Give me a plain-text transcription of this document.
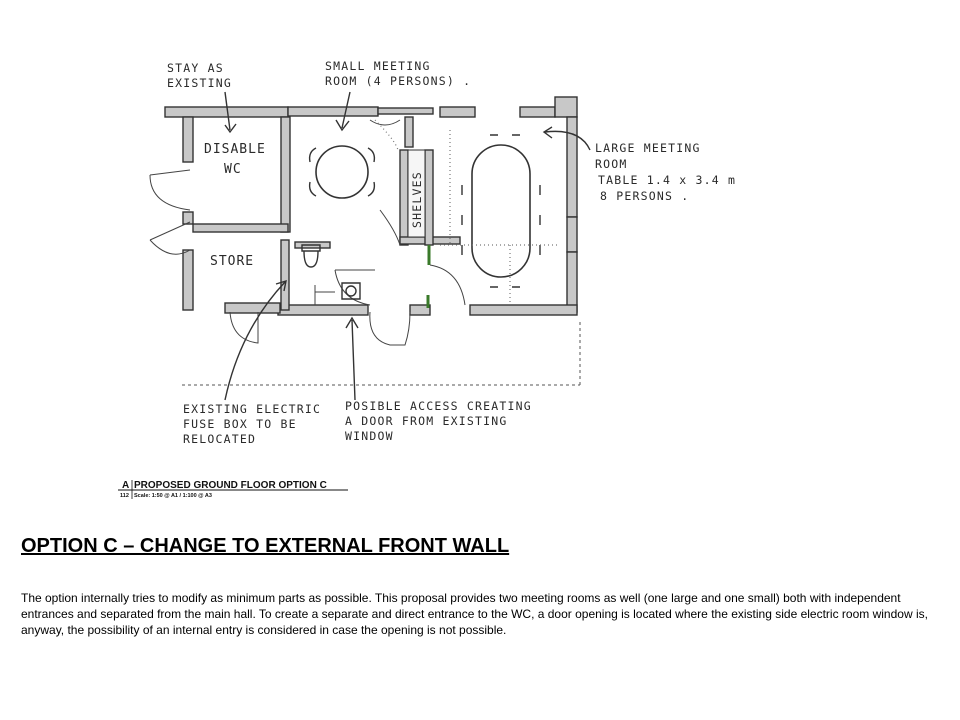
SHELVES
DISABLE
WC
STORE
STAY AS
EXISTING
SMALL MEETING
ROOM (4 PERSONS) .
LARGE MEETING
ROOM
TABLE 1.4 x 3.4 m
8 PERSONS .
EXISTING ELECTRIC
FUSE BOX TO BE
RELOCATED
POSIBLE ACCESS CREATING
A DOOR FROM EXISTING
WINDOW
A PROPOSED GROUND FLOOR OPTION C
112 Scale: 1:50 @ A1 / 1:100 @ A3
OPTION C – CHANGE TO EXTERNAL FRONT WALL

The option internally tries to modify as minimum parts as possible. This proposal provides two meeting rooms as well (one large and one small) both with independent entrances and separated from the main hall. To create a separate and direct entrance to the WC, a door opening is located where the existing side electric room window is, anyway, the possibility of an internal entry is considered in case the opening is not possible.
